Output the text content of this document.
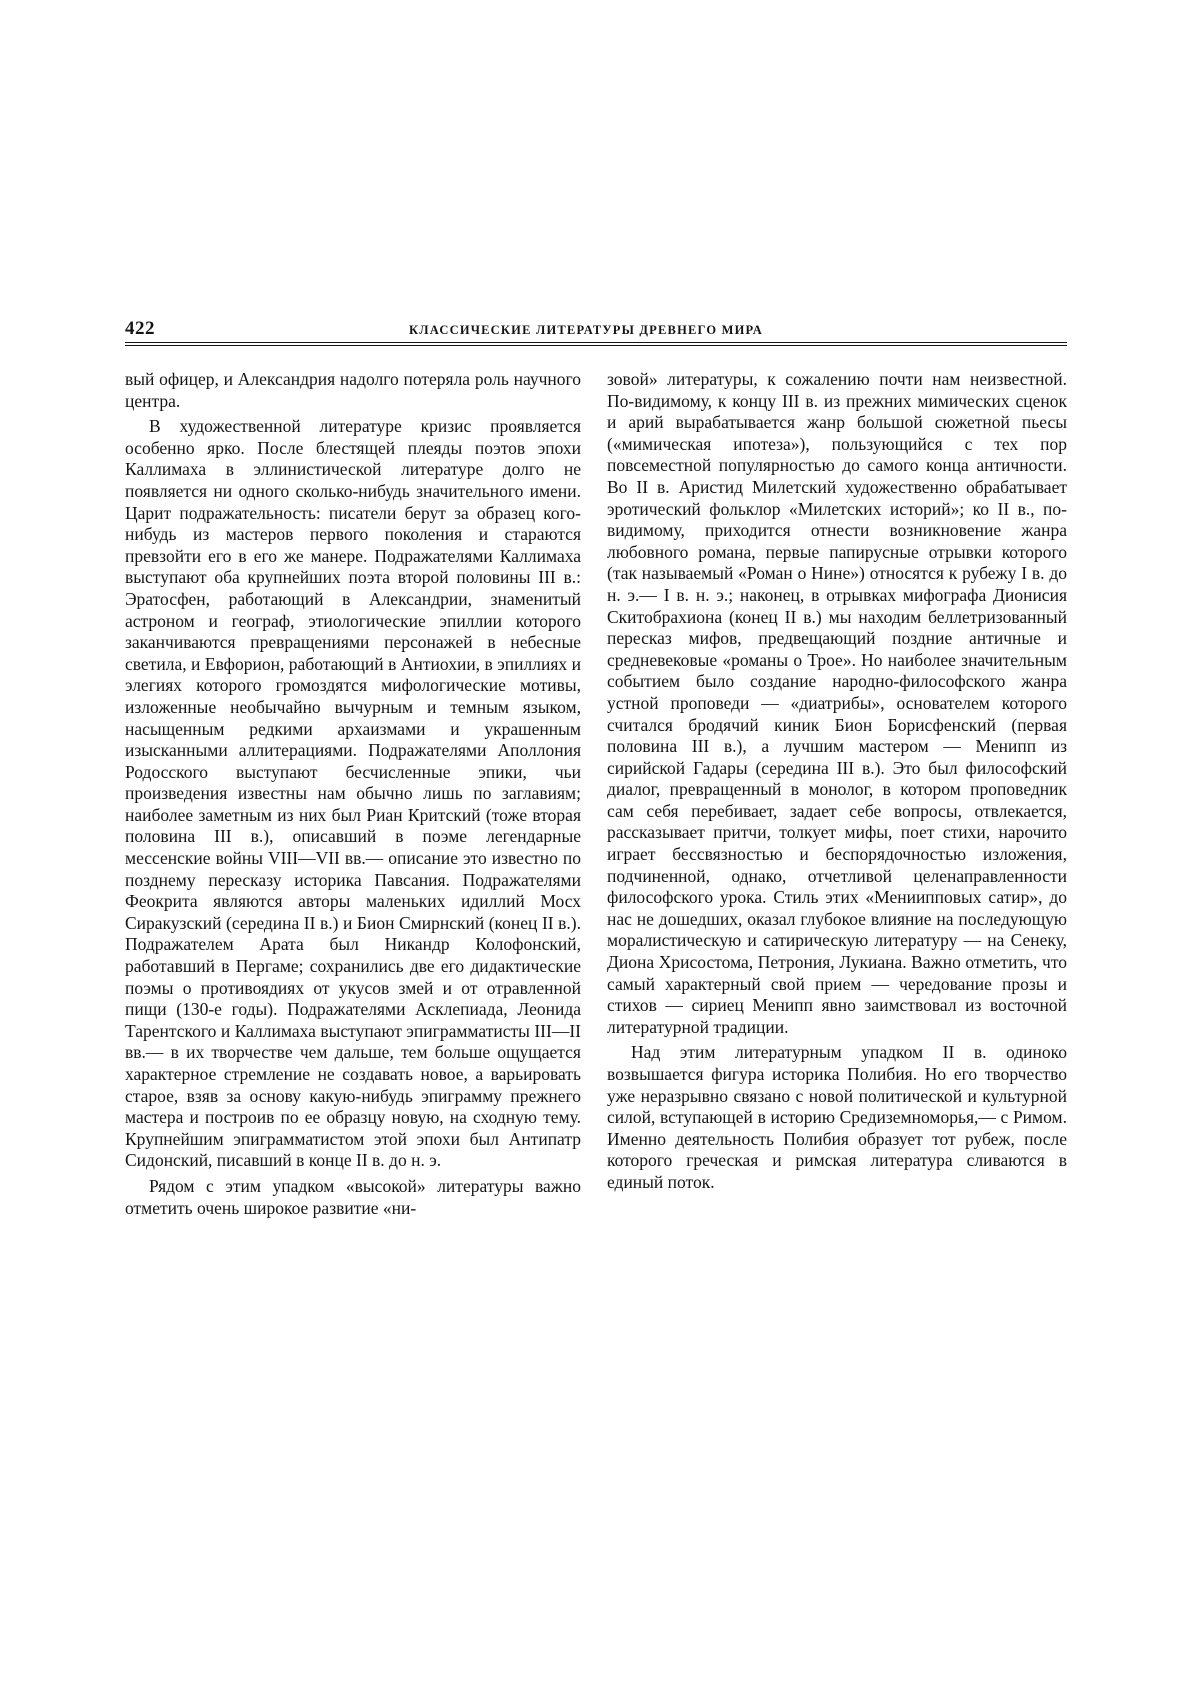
422	КЛАССИЧЕСКИЕ ЛИТЕРАТУРЫ ДРЕВНЕГО МИРА

вый офицер, и Александрия надолго потеряла роль научного центра.

В художественной литературе кризис проявляется особенно ярко. После блестящей плеяды поэтов эпохи Каллимаха в эллинистической литературе долго не появляется ни одного сколько-нибудь значительного имени. Царит подражательность: писатели берут за образец кого-нибудь из мастеров первого поколения и стараются превзойти его в его же манере. Подражателями Каллимаха выступают оба крупнейших поэта второй половины III в.: Эратосфен, работающий в Александрии, знаменитый астроном и географ, этиологические эпиллии которого заканчиваются превращениями персонажей в небесные светила, и Евфорион, работающий в Антиохии, в эпиллиях и элегиях которого громоздятся мифологические мотивы, изложенные необычайно вычурным и темным языком, насыщенным редкими архаизмами и украшенным изысканными аллитерациями. Подражателями Аполлония Родосского выступают бесчисленные эпики, чьи произведения известны нам обычно лишь по заглавиям; наиболее заметным из них был Риан Критский (тоже вторая половина III в.), описавший в поэме легендарные мессенские войны VIII—VII вв.— описание это известно по позднему пересказу историка Павсания. Подражателями Феокрита являются авторы маленьких идиллий Мосх Сиракузский (середина II в.) и Бион Смирнский (конец II в.). Подражателем Арата был Никандр Колофонский, работавший в Пергаме; сохранились две его дидактические поэмы о противоядиях от укусов змей и от отравленной пищи (130-е годы). Подражателями Асклепиада, Леонида Тарентского и Каллимаха выступают эпиграмматисты III—II вв.— в их творчестве чем дальше, тем больше ощущается характерное стремление не создавать новое, а варьировать старое, взяв за основу какую-нибудь эпиграмму прежнего мастера и построив по ее образцу новую, на сходную тему. Крупнейшим эпиграмматистом этой эпохи был Антипатр Сидонский, писавший в конце II в. до н. э.

Рядом с этим упадком «высокой» литературы важно отметить очень широкое развитие «ни-

зовой» литературы, к сожалению почти нам неизвестной. По-видимому, к концу III в. из прежних мимических сценок и арий вырабатывается жанр большой сюжетной пьесы («мимическая ипотеза»), пользующийся с тех пор повсеместной популярностью до самого конца античности. Во II в. Аристид Милетский художественно обрабатывает эротический фольклор «Милетских историй»; ко II в., по-видимому, приходится отнести возникновение жанра любовного романа, первые папирусные отрывки которого (так называемый «Роман о Нине») относятся к рубежу I в. до н. э.— I в. н. э.; наконец, в отрывках мифографа Дионисия Скитобрахиона (конец II в.) мы находим беллетризованный пересказ мифов, предвещающий поздние античные и средневековые «романы о Трое». Но наиболее значительным событием было создание народно-философского жанра устной проповеди — «диатрибы», основателем которого считался бродячий киник Бион Борисфенский (первая половина III в.), а лучшим мастером — Менипп из сирийской Гадары (середина III в.). Это был философский диалог, превращенный в монолог, в котором проповедник сам себя перебивает, задает себе вопросы, отвлекается, рассказывает притчи, толкует мифы, поет стихи, нарочито играет бессвязностью и беспорядочностью изложения, подчиненной, однако, отчетливой целенаправленности философского урока. Стиль этих «Мениипповых сатир», до нас не дошедших, оказал глубокое влияние на последующую моралистическую и сатирическую литературу — на Сенеку, Диона Хрисостома, Петрония, Лукиана. Важно отметить, что самый характерный свой прием — чередование прозы и стихов — сириец Менипп явно заимствовал из восточной литературной традиции.

Над этим литературным упадком II в. одиноко возвышается фигура историка Полибия. Но его творчество уже неразрывно связано с новой политической и культурной силой, вступающей в историю Средиземноморья,— с Римом. Именно деятельность Полибия образует тот рубеж, после которого греческая и римская литература сливаются в единый поток.
